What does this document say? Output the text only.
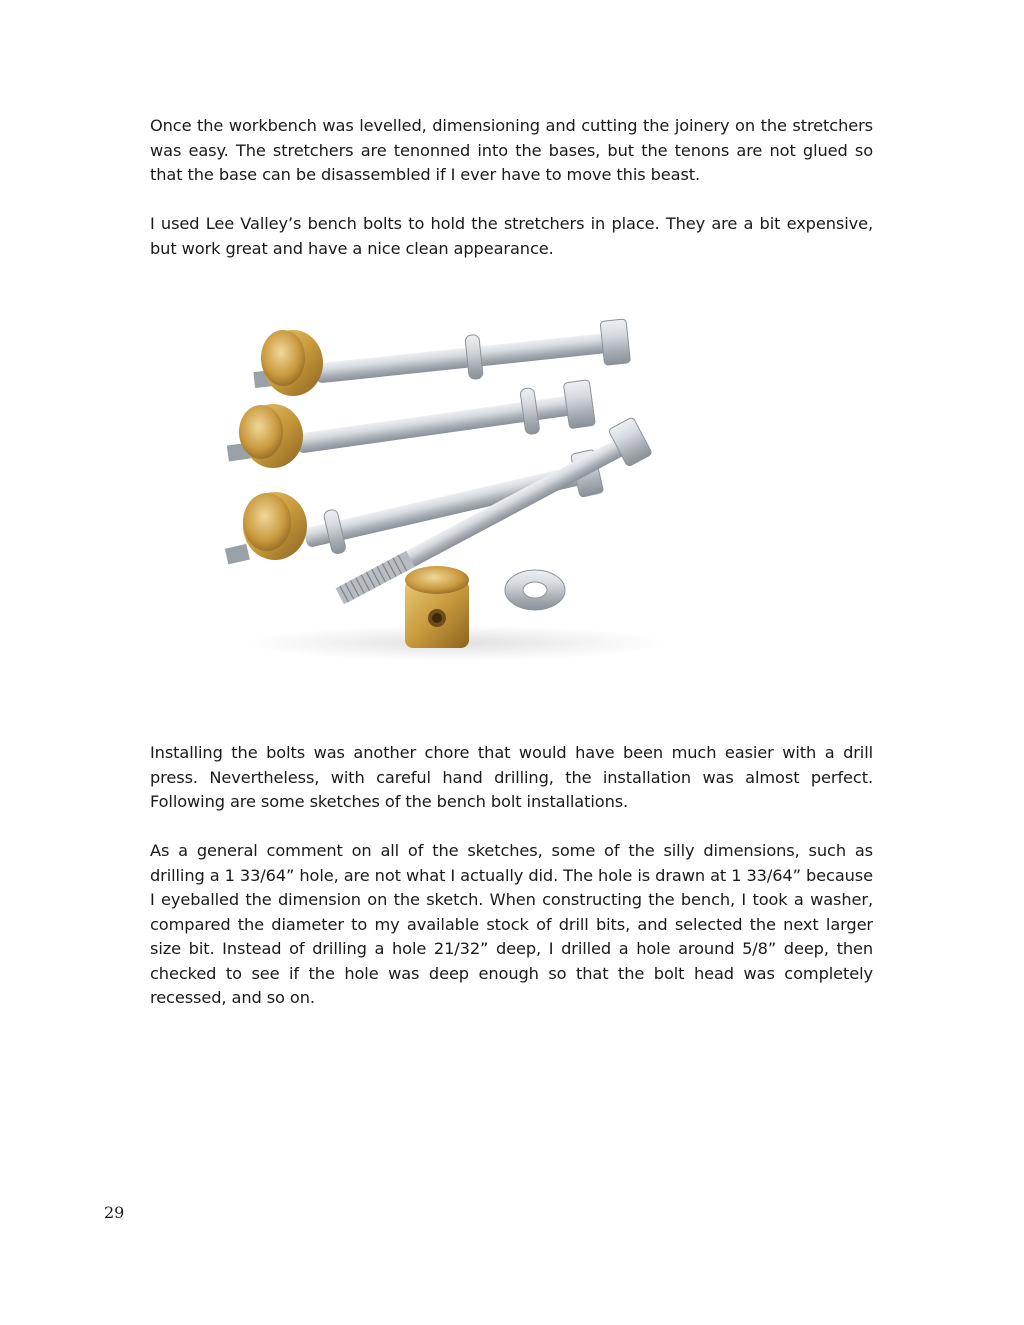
Once the workbench was levelled, dimensioning and cutting the joinery on the stretchers was easy. The stretchers are tenonned into the bases, but the tenons are not glued so that the base can be disassembled if I ever have to move this beast.

I used Lee Valley’s bench bolts to hold the stretchers in place. They are a bit expensive, but work great and have a nice clean appearance.

Installing the bolts was another chore that would have been much easier with a drill press. Nevertheless, with careful hand drilling, the installation was almost perfect. Following are some sketches of the bench bolt installations.

As a general comment on all of the sketches, some of the silly dimensions, such as drilling a 1 33/64” hole, are not what I actually did. The hole is drawn at 1 33/64” because I eyeballed the dimension on the sketch. When constructing the bench, I took a washer, compared the diameter to my available stock of drill bits, and selected the next larger size bit. Instead of drilling a hole 21/32” deep, I drilled a hole around 5/8” deep, then checked to see if the hole was deep enough so that the bolt head was completely recessed, and so on.

29
